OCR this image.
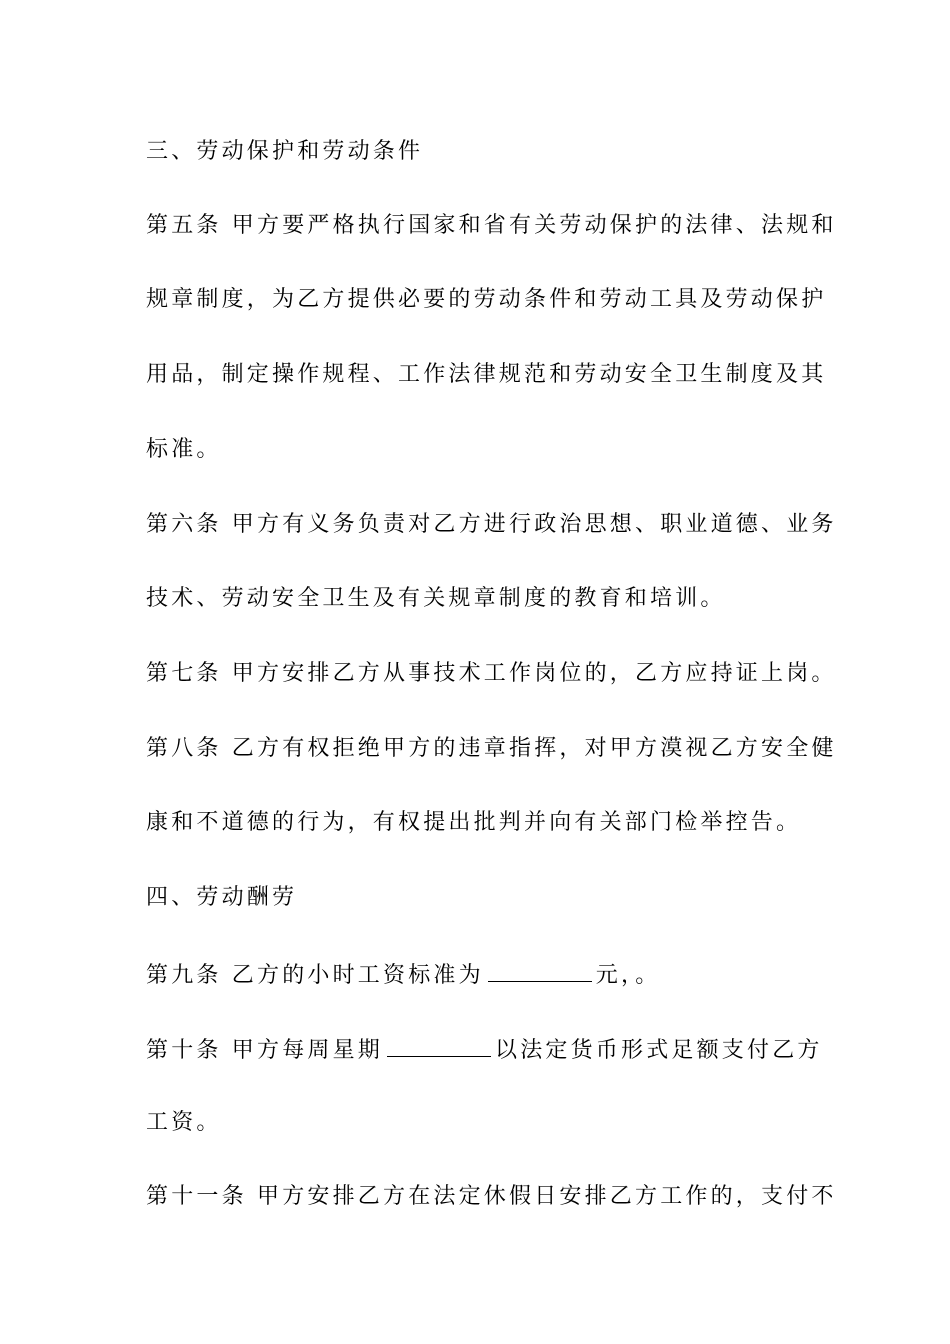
三、劳动保护和劳动条件
第五条 甲方要严格执行国家和省有关劳动保护的法律、法规和
规章制度，为乙方提供必要的劳动条件和劳动工具及劳动保护
用品，制定操作规程、工作法律规范和劳动安全卫生制度及其
标准。
第六条 甲方有义务负责对乙方进行政治思想、职业道德、业务
技术、劳动安全卫生及有关规章制度的教育和培训。
第七条 甲方安排乙方从事技术工作岗位的，乙方应持证上岗。
第八条 乙方有权拒绝甲方的违章指挥，对甲方漠视乙方安全健
康和不道德的行为，有权提出批判并向有关部门检举控告。
四、劳动酬劳
第九条 乙方的小时工资标准为	元，。
第十条 甲方每周星期	以法定货币形式足额支付乙方
工资。
第十一条 甲方安排乙方在法定休假日安排乙方工作的，支付不
